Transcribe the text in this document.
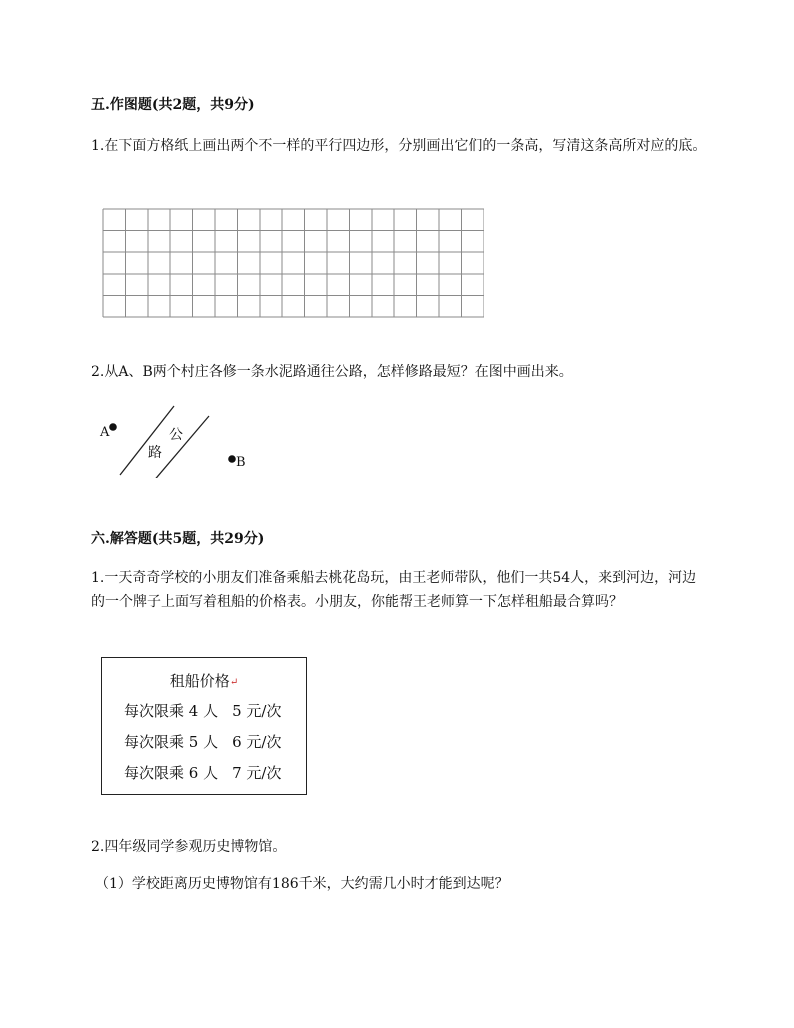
五.作图题(共2题，共9分)
1.在下面方格纸上画出两个不一样的平行四边形，分别画出它们的一条高，写清这条高所对应的底。
2.从A、B两个村庄各修一条水泥路通往公路，怎样修路最短？在图中画出来。
A
B
公
路
六.解答题(共5题，共29分)
1.一天奇奇学校的小朋友们准备乘船去桃花岛玩，由王老师带队，他们一共54人，来到河边，河边的一个牌子上面写着租船的价格表。小朋友，你能帮王老师算一下怎样租船最合算吗？
租船价格↵
每次限乘 4 人 5 元/次
每次限乘 5 人 6 元/次
每次限乘 6 人 7 元/次
2.四年级同学参观历史博物馆。
（1）学校距离历史博物馆有186千米，大约需几小时才能到达呢？
